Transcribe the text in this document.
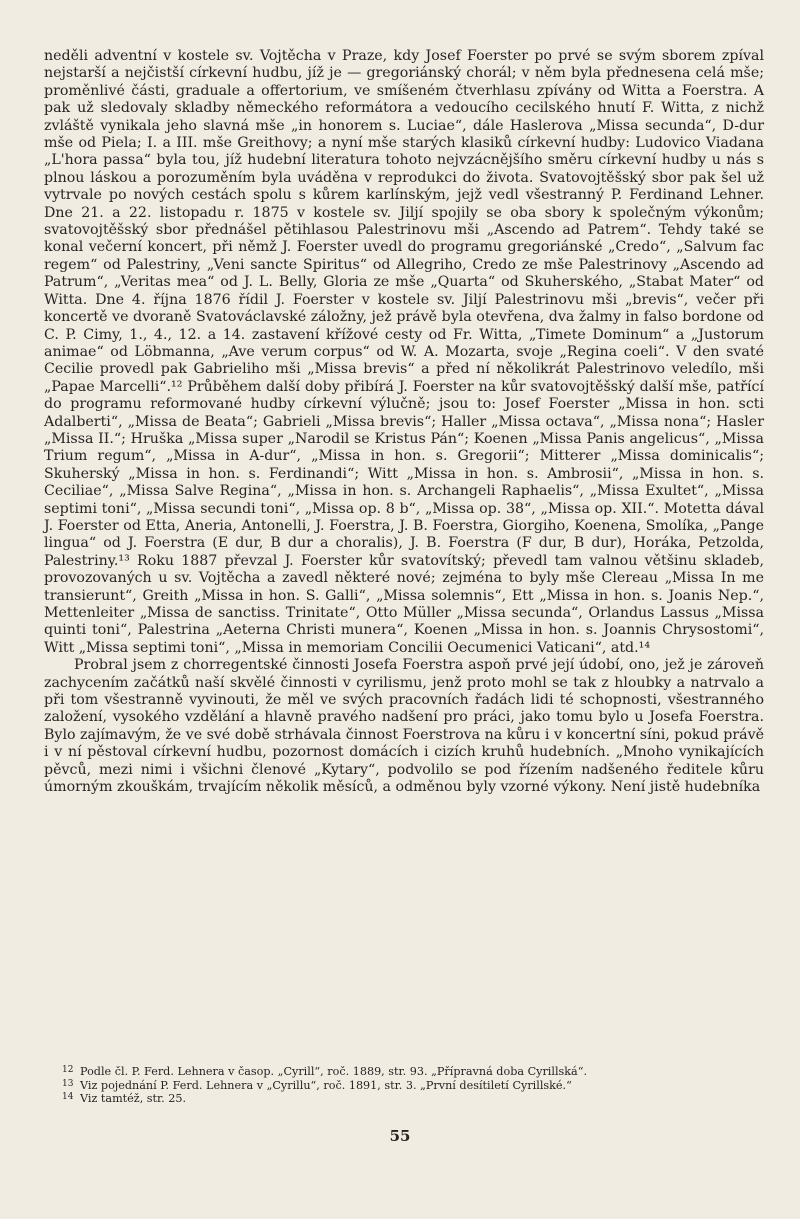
neděli adventní v kostele sv. Vojtěcha v Praze, kdy Josef Foerster po prvé se svým sborem zpíval nejstarší a nejčistší církevní hudbu, jíž je — gregoriánský chorál; v něm byla přednesena celá mše; proměnlivé části, graduale a offertorium, ve smíšeném čtverhlasu zpívány od Witta a Foerstra. A pak už sledovaly skladby německého reformátora a vedoucího cecilského hnutí F. Witta, z nichž zvláště vynikala jeho slavná mše „in honorem s. Luciae“, dále Haslerova „Missa secunda“, D-dur mše od Piela; I. a III. mše Greithovy; a nyní mše starých klasiků církevní hudby: Ludovico Viadana „L'hora passa“ byla tou, jíž hudební literatura tohoto nejvzácnějšího směru církevní hudby u nás s plnou láskou a porozuměním byla uváděna v reprodukci do života. Svatovojtěšský sbor pak šel už vytrvale po nových cestách spolu s kůrem karlínským, jejž vedl všestranný P. Ferdinand Lehner. Dne 21. a 22. listopadu r. 1875 v kostele sv. Jiljí spojily se oba sbory k společným výkonům; svatovojtěšský sbor přednášel pětihlasou Palestrinovu mši „Ascendo ad Patrem“. Tehdy také se konal večerní koncert, při němž J. Foerster uvedl do programu gregoriánské „Credo“, „Salvum fac regem“ od Palestriny, „Veni sancte Spiritus“ od Allegriho, Credo ze mše Palestrinovy „Ascendo ad Patrum“, „Veritas mea“ od J. L. Belly, Gloria ze mše „Quarta“ od Skuherského, „Stabat Mater“ od Witta. Dne 4. října 1876 řídil J. Foerster v kostele sv. Jiljí Palestrinovu mši „brevis“, večer při koncertě ve dvoraně Svatováclavské záložny, jež právě byla otevřena, dva žalmy in falso bordone od C. P. Cimy, 1., 4., 12. a 14. zastavení křížové cesty od Fr. Witta, „Timete Dominum“ a „Justorum animae“ od Löbmanna, „Ave verum corpus“ od W. A. Mozarta, svoje „Regina coeli“. V den svaté Cecilie provedl pak Gabrieliho mši „Missa brevis“ a před ní několikrát Palestrinovo veledílo, mši „Papae Marcelli“.¹² Průběhem další doby přibírá J. Foerster na kůr svatovojtěšský další mše, patřící do programu reformované hudby církevní výlučně; jsou to: Josef Foerster „Missa in hon. scti Adalberti“, „Missa de Beata“; Gabrieli „Missa brevis“; Haller „Missa octava“, „Missa nona“; Hasler „Missa II.“; Hruška „Missa super „Narodil se Kristus Pán“; Koenen „Missa Panis angelicus“, „Missa Trium regum“, „Missa in A-dur“, „Missa in hon. s. Gregorii“; Mitterer „Missa dominicalis“; Skuherský „Missa in hon. s. Ferdinandi“; Witt „Missa in hon. s. Ambrosii“, „Missa in hon. s. Ceciliae“, „Missa Salve Regina“, „Missa in hon. s. Archangeli Raphaelis“, „Missa Exultet“, „Missa septimi toni“, „Missa secundi toni“, „Missa op. 8 b“, „Missa op. 38“, „Missa op. XII.“. Motetta dával J. Foerster od Etta, Aneria, Antonelli, J. Foerstra, J. B. Foerstra, Giorgiho, Koenena, Smolíka, „Pange lingua“ od J. Foerstra (E dur, B dur a choralis), J. B. Foerstra (F dur, B dur), Horáka, Petzolda, Palestriny.¹³ Roku 1887 převzal J. Foerster kůr svatovítský; převedl tam valnou většinu skladeb, provozovaných u sv. Vojtěcha a zavedl některé nové; zejména to byly mše Clereau „Missa In me transierunt“, Greith „Missa in hon. S. Galli“, „Missa solemnis“, Ett „Missa in hon. s. Joanis Nep.“, Mettenleiter „Missa de sanctiss. Trinitate“, Otto Müller „Missa secunda“, Orlandus Lassus „Missa quinti toni“, Palestrina „Aeterna Christi munera“, Koenen „Missa in hon. s. Joannis Chrysostomi“, Witt „Missa septimi toni“, „Missa in memoriam Concilii Oecumenici Vaticani“, atd.¹⁴

Probral jsem z chorregentské činnosti Josefa Foerstra aspoň prvé její údobí, ono, jež je zároveň zachycením začátků naší skvělé činnosti v cyrilismu, jenž proto mohl se tak z hloubky a natrvalo a při tom všestranně vyvinouti, že měl ve svých pracovních řadách lidi té schopnosti, všestranného založení, vysokého vzdělání a hlavně pravého nadšení pro práci, jako tomu bylo u Josefa Foerstra. Bylo zajímavým, že ve své době strhávala činnost Foerstrova na kůru i v koncertní síni, pokud právě i v ní pěstoval církevní hudbu, pozornost domácích i cizích kruhů hudebních. „Mnoho vynikajících pěvců, mezi nimi i všichni členové „Kytary“, podvolilo se pod řízením nadšeného ředitele kůru úmorným zkouškám, trvajícím několik měsíců, a odměnou byly vzorné výkony. Není jistě hudebníka

12 Podle čl. P. Ferd. Lehnera v časop. „Cyrill“, roč. 1889, str. 93. „Přípravná doba Cyrillská“.
13 Viz pojednání P. Ferd. Lehnera v „Cyrillu“, roč. 1891, str. 3. „První desítiletí Cyrillské.“
14 Viz tamtéž, str. 25.
55
